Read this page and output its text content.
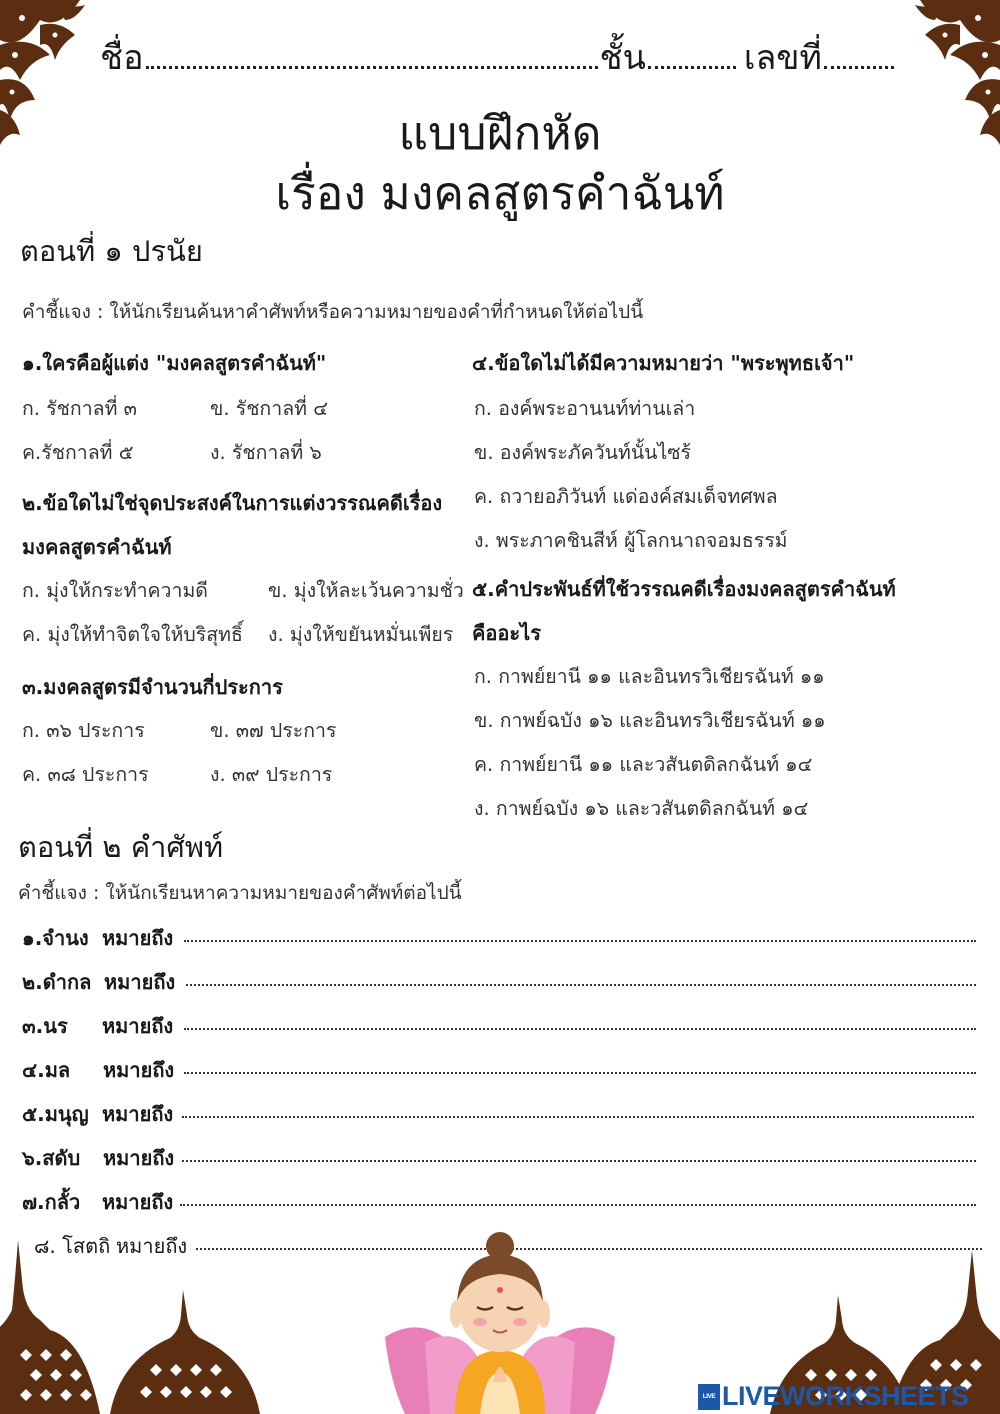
ชื่อ	ชั้น	เลขที่
แบบฝึกหัด
เรื่อง มงคลสูตรคำฉันท์
ตอนที่ ๑ ปรนัย
คำชี้แจง : ให้นักเรียนค้นหาคำศัพท์หรือความหมายของคำที่กำหนดให้ต่อไปนี้
๑.ใครคือผู้แต่ง "มงคลสูตรคำฉันท์"
ก. รัชกาลที่ ๓	ข. รัชกาลที่ ๔
ค.รัชกาลที่ ๕	ง. รัชกาลที่ ๖
๒.ข้อใดไม่ใช่จุดประสงค์ในการแต่งวรรณคดีเรื่อง
มงคลสูตรคำฉันท์
ก. มุ่งให้กระทำความดี	ข. มุ่งให้ละเว้นความชั่ว
ค. มุ่งให้ทำจิตใจให้บริสุทธิ์ ง. มุ่งให้ขยันหมั่นเพียร
๓.มงคลสูตรมีจำนวนกี่ประการ
ก. ๓๖ ประการ	ข. ๓๗ ประการ
ค. ๓๘ ประการ	ง. ๓๙ ประการ
๔.ข้อใดไม่ได้มีความหมายว่า "พระพุทธเจ้า"
ก. องค์พระอานนท์ท่านเล่า
ข. องค์พระภัควันท์นั้นไซร้
ค. ถวายอภิวันท์ แด่องค์สมเด็จทศพล
ง. พระภาคชินสีห์ ผู้โลกนาถจอมธรรม์
๕.คำประพันธ์ที่ใช้วรรณคดีเรื่องมงคลสูตรคำฉันท์
คืออะไร
ก. กาพย์ยานี ๑๑ และอินทรวิเชียรฉันท์ ๑๑
ข. กาพย์ฉบัง ๑๖ และอินทรวิเชียรฉันท์ ๑๑
ค. กาพย์ยานี ๑๑ และวสันตดิลกฉันท์ ๑๔
ง. กาพย์ฉบัง ๑๖ และวสันตดิลกฉันท์ ๑๔
ตอนที่ ๒ คำศัพท์
คำชี้แจง : ให้นักเรียนหาความหมายของคำศัพท์ต่อไปนี้
๑.จำนง หมายถึง
๒.ดำกล หมายถึง
๓.นร หมายถึง
๔.มล หมายถึง
๕.มนุญ หมายถึง
๖.สดับ หมายถึง
๗.กลั้ว หมายถึง
๘. โสตถิ หมายถึง
LIVE LIVEWORKSHEETS
